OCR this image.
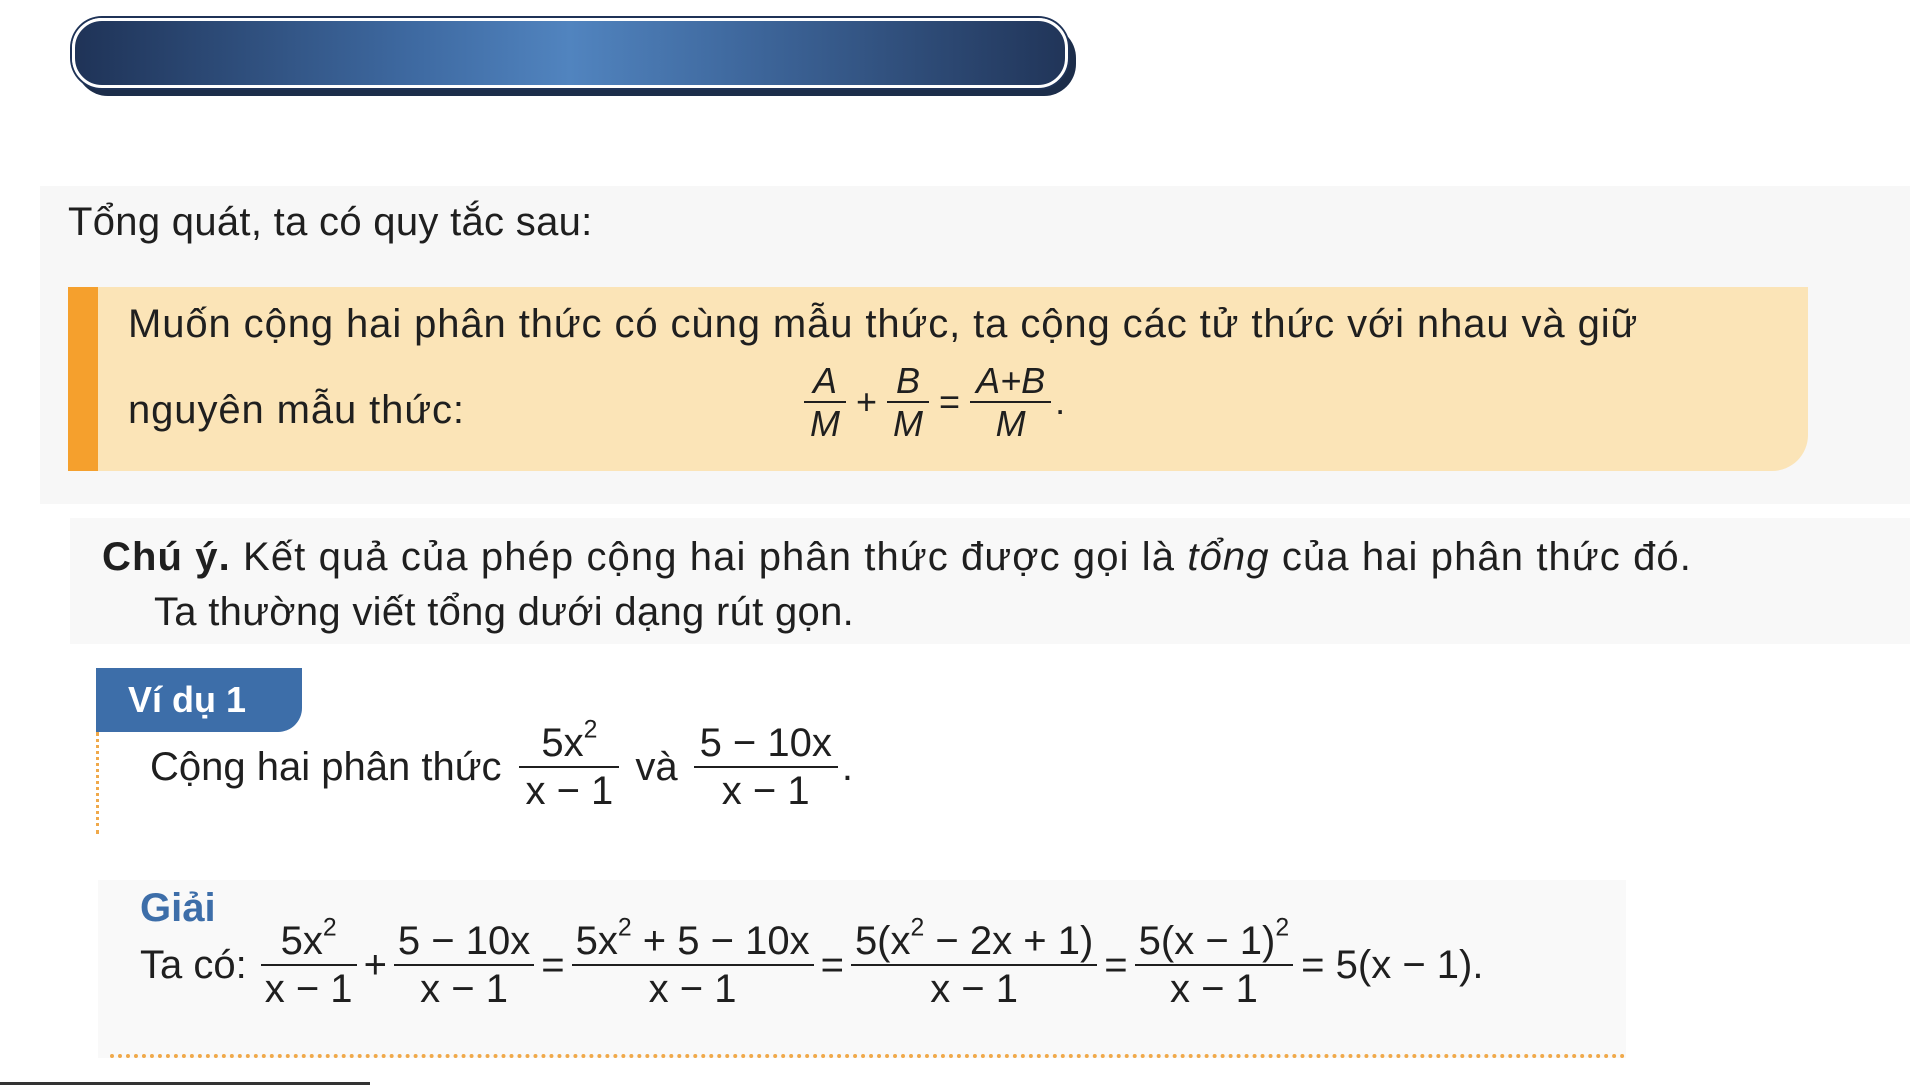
Tổng quát, ta có quy tắc sau:
Muốn cộng hai phân thức có cùng mẫu thức, ta cộng các tử thức với nhau và giữ
nguyên mẫu thức:	$\frac{A}{M} + \frac{B}{M} = \frac{A+B}{M}$ .
Chú ý. Kết quả của phép cộng hai phân thức được gọi là tổng của hai phân thức đó.
Ta thường viết tổng dưới dạng rút gọn.
Ví dụ 1
Cộng hai phân thức $\frac{5x^2}{x - 1}$ và $\frac{5 - 10x}{x - 1}$ .
Giải
Ta có: $\frac{5x^2}{x - 1} + \frac{5 - 10x}{x - 1} = \frac{5x^2 + 5 - 10x}{x - 1} = \frac{5(x^2 - 2x + 1)}{x - 1} = \frac{5(x - 1)^2}{x - 1} = 5(x - 1)$.
